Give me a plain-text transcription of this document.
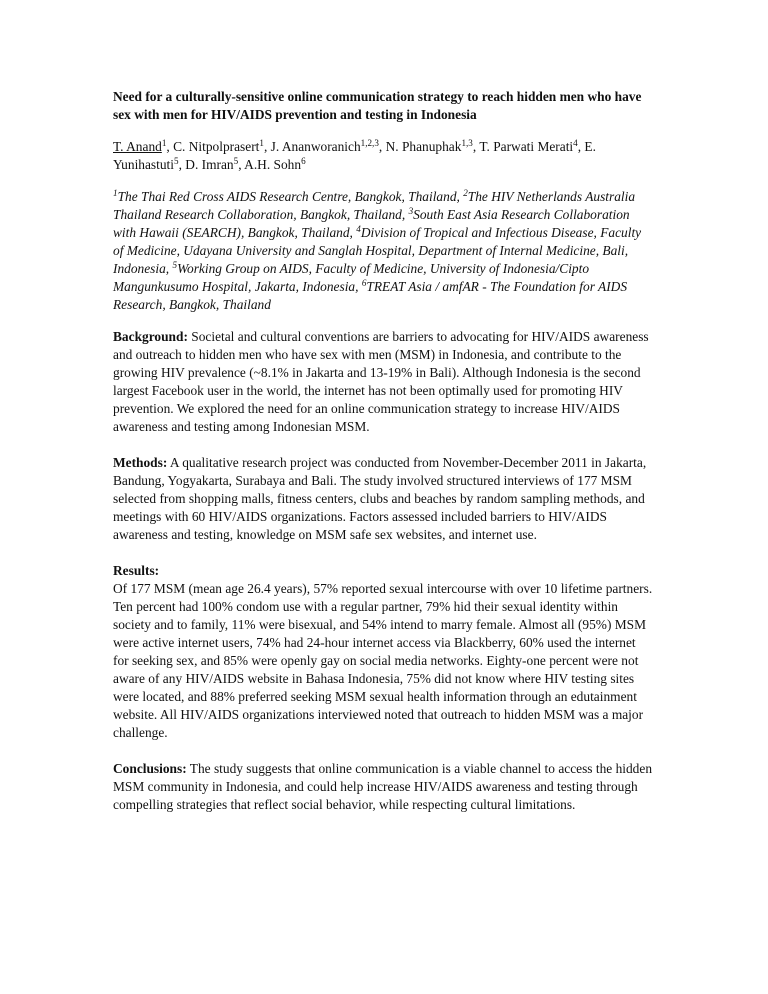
Need for a culturally-sensitive online communication strategy to reach hidden men who have sex with men for HIV/AIDS prevention and testing in Indonesia

T. Anand$^1$, C. Nitpolprasert$^1$, J. Ananworanich$^{1,2,3}$, N. Phanuphak$^{1,3}$, T. Parwati Merati$^4$, E. Yunihastuti$^5$, D. Imran$^5$, A.H. Sohn$^6$

$^1$The Thai Red Cross AIDS Research Centre, Bangkok, Thailand, $^2$The HIV Netherlands Australia Thailand Research Collaboration, Bangkok, Thailand, $^3$South East Asia Research Collaboration with Hawaii (SEARCH), Bangkok, Thailand, $^4$Division of Tropical and Infectious Disease, Faculty of Medicine, Udayana University and Sanglah Hospital, Department of Internal Medicine, Bali, Indonesia, $^5$Working Group on AIDS, Faculty of Medicine, University of Indonesia/Cipto Mangunkusumo Hospital, Jakarta, Indonesia, $^6$TREAT Asia / amfAR - The Foundation for AIDS Research, Bangkok, Thailand

Background: Societal and cultural conventions are barriers to advocating for HIV/AIDS awareness and outreach to hidden men who have sex with men (MSM) in Indonesia, and contribute to the growing HIV prevalence (~8.1% in Jakarta and 13-19% in Bali). Although Indonesia is the second largest Facebook user in the world, the internet has not been optimally used for promoting HIV prevention. We explored the need for an online communication strategy to increase HIV/AIDS awareness and testing among Indonesian MSM.

Methods: A qualitative research project was conducted from November-December 2011 in Jakarta, Bandung, Yogyakarta, Surabaya and Bali. The study involved structured interviews of 177 MSM selected from shopping malls, fitness centers, clubs and beaches by random sampling methods, and meetings with 60 HIV/AIDS organizations. Factors assessed included barriers to HIV/AIDS awareness and testing, knowledge on MSM safe sex websites, and internet use.

Results:
Of 177 MSM (mean age 26.4 years), 57% reported sexual intercourse with over 10 lifetime partners. Ten percent had 100% condom use with a regular partner, 79% hid their sexual identity within society and to family, 11% were bisexual, and 54% intend to marry female. Almost all (95%) MSM were active internet users, 74% had 24-hour internet access via Blackberry, 60% used the internet for seeking sex, and 85% were openly gay on social media networks. Eighty-one percent were not aware of any HIV/AIDS website in Bahasa Indonesia, 75% did not know where HIV testing sites were located, and 88% preferred seeking MSM sexual health information through an edutainment website. All HIV/AIDS organizations interviewed noted that outreach to hidden MSM was a major challenge.

Conclusions: The study suggests that online communication is a viable channel to access the hidden MSM community in Indonesia, and could help increase HIV/AIDS awareness and testing through compelling strategies that reflect social behavior, while respecting cultural limitations.
